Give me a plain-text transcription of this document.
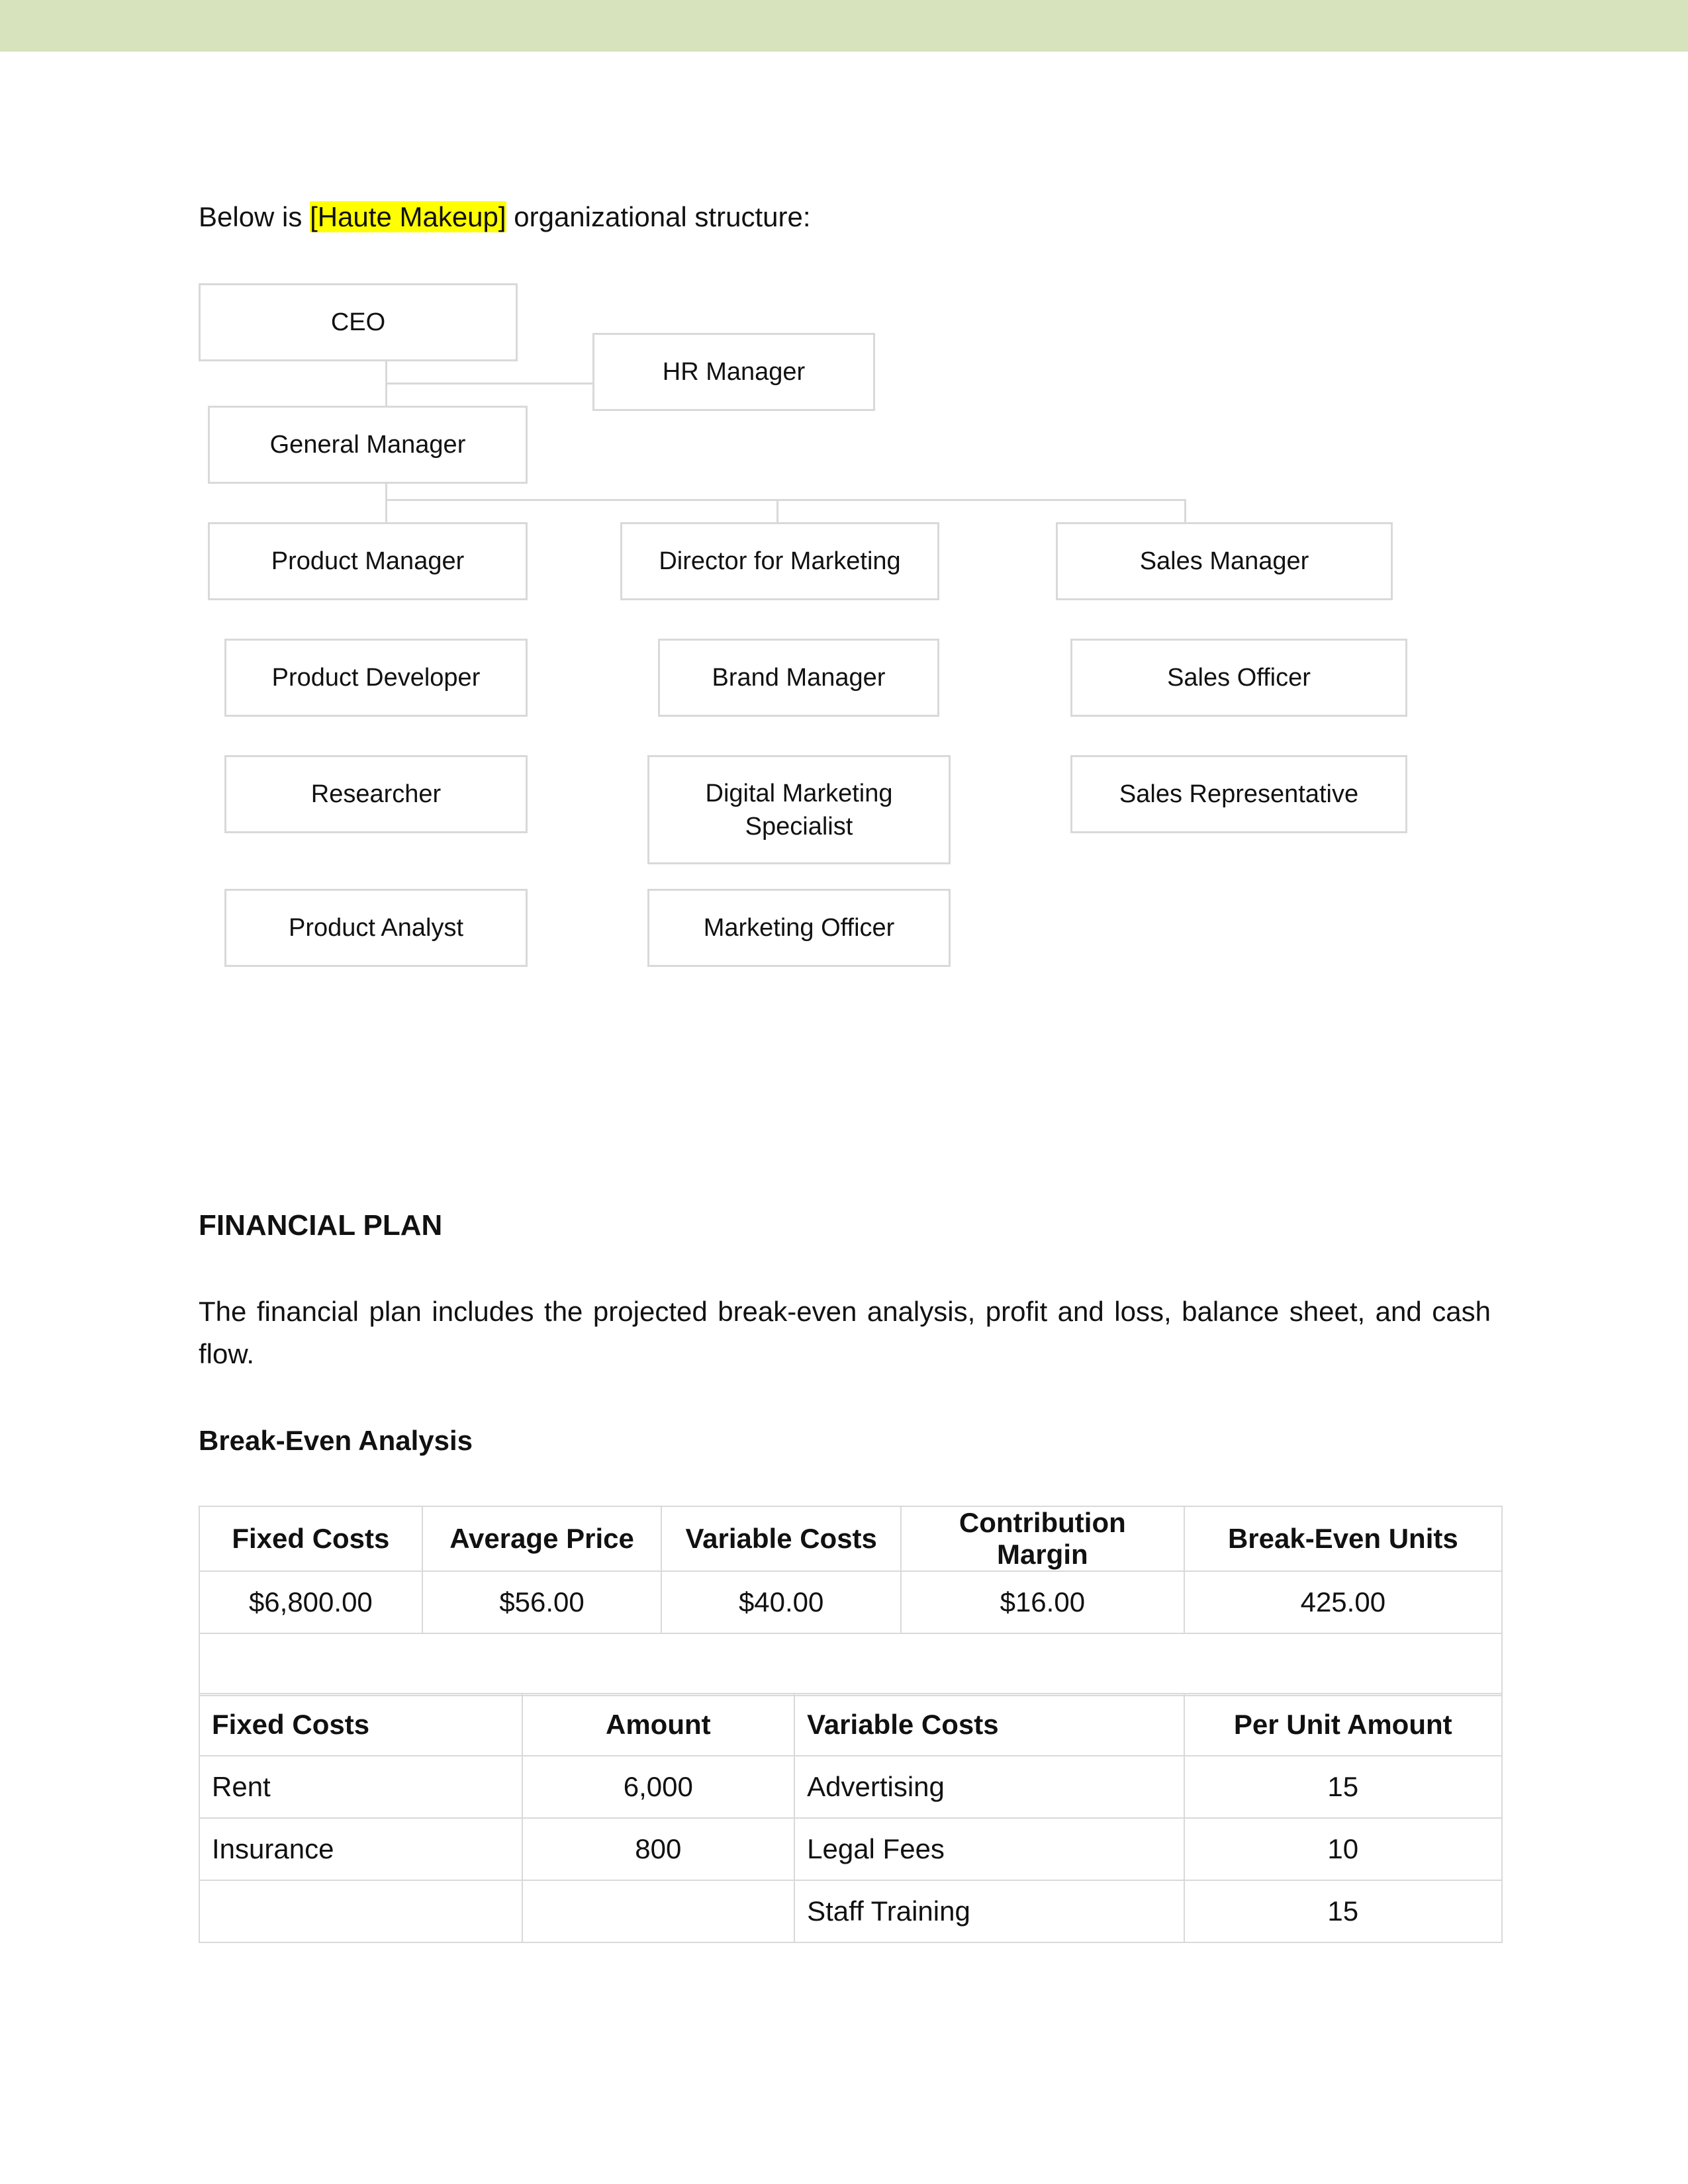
Below is [Haute Makeup] organizational structure:
CEO
HR Manager
General Manager
Product Manager	Director for Marketing	Sales Manager
Product Developer	Brand Manager	Sales Officer
Researcher	Digital Marketing Specialist
Sales Representative
Product Analyst	Marketing Officer
FINANCIAL PLAN
The financial plan includes the projected break-even analysis, profit and loss, balance sheet, and cash flow.
Break-Even Analysis
Fixed Costs	Average Price	Variable Costs	Contribution Margin	Break-Even Units
$6,800.00	$56.00	$40.00	$16.00	425.00

Fixed Costs	Amount	Variable Costs	Per Unit Amount
Rent	6,000	Advertising	15
Insurance	800	Legal Fees	10
		Staff Training	15
